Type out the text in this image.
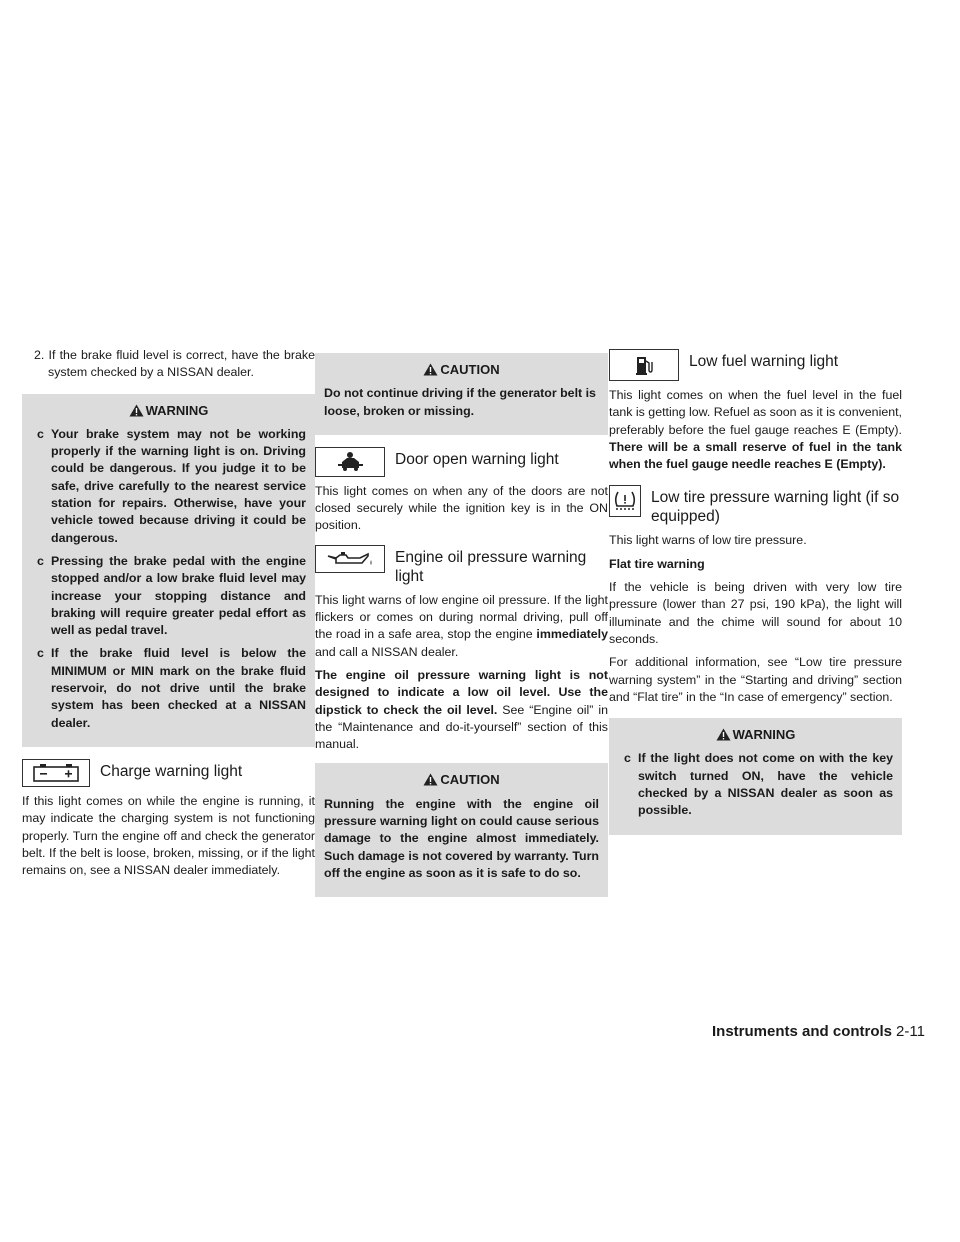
2. If the brake fluid level is correct, have the brake system checked by a NISSAN dealer.

WARNING
c Your brake system may not be working properly if the warning light is on. Driving could be dangerous. If you judge it to be safe, drive carefully to the nearest service station for repairs. Otherwise, have your vehicle towed because driving it could be dangerous.
c Pressing the brake pedal with the engine stopped and/or a low brake fluid level may increase your stopping distance and braking will require greater pedal effort as well as pedal travel.
c If the brake fluid level is below the MINIMUM or MIN mark on the brake fluid reservoir, do not drive until the brake system has been checked at a NISSAN dealer.
Charge warning light

If this light comes on while the engine is running, it may indicate the charging system is not functioning properly. Turn the engine off and check the generator belt. If the belt is loose, broken, missing, or if the light remains on, see a NISSAN dealer immediately.

CAUTION

Do not continue driving if the generator belt is loose, broken or missing.

Door open warning light

This light comes on when any of the doors are not closed securely while the ignition key is in the ON position.

Engine oil pressure warning light

This light warns of low engine oil pressure. If the light flickers or comes on during normal driving, pull off the road in a safe area, stop the engine immediately and call a NISSAN dealer.

The engine oil pressure warning light is not designed to indicate a low oil level. Use the dipstick to check the oil level. See “Engine oil” in the “Maintenance and do-it-yourself” section of this manual.

CAUTION

Running the engine with the engine oil pressure warning light on could cause serious damage to the engine almost immediately. Such damage is not covered by warranty. Turn off the engine as soon as it is safe to do so.

Low fuel warning light

This light comes on when the fuel level in the fuel tank is getting low. Refuel as soon as it is convenient, preferably before the fuel gauge reaches E (Empty). There will be a small reserve of fuel in the tank when the fuel gauge needle reaches E (Empty).

Low tire pressure warning light (if so equipped)

This light warns of low tire pressure.

Flat tire warning

If the vehicle is being driven with very low tire pressure (lower than 27 psi, 190 kPa), the light will illuminate and the chime will sound for about 10 seconds.

For additional information, see “Low tire pressure warning system” in the “Starting and driving” section and “Flat tire” in the “In case of emergency” section.

WARNING
c If the light does not come on with the key switch turned ON, have the vehicle checked by a NISSAN dealer as soon as possible.
Instruments and controls 2-11
